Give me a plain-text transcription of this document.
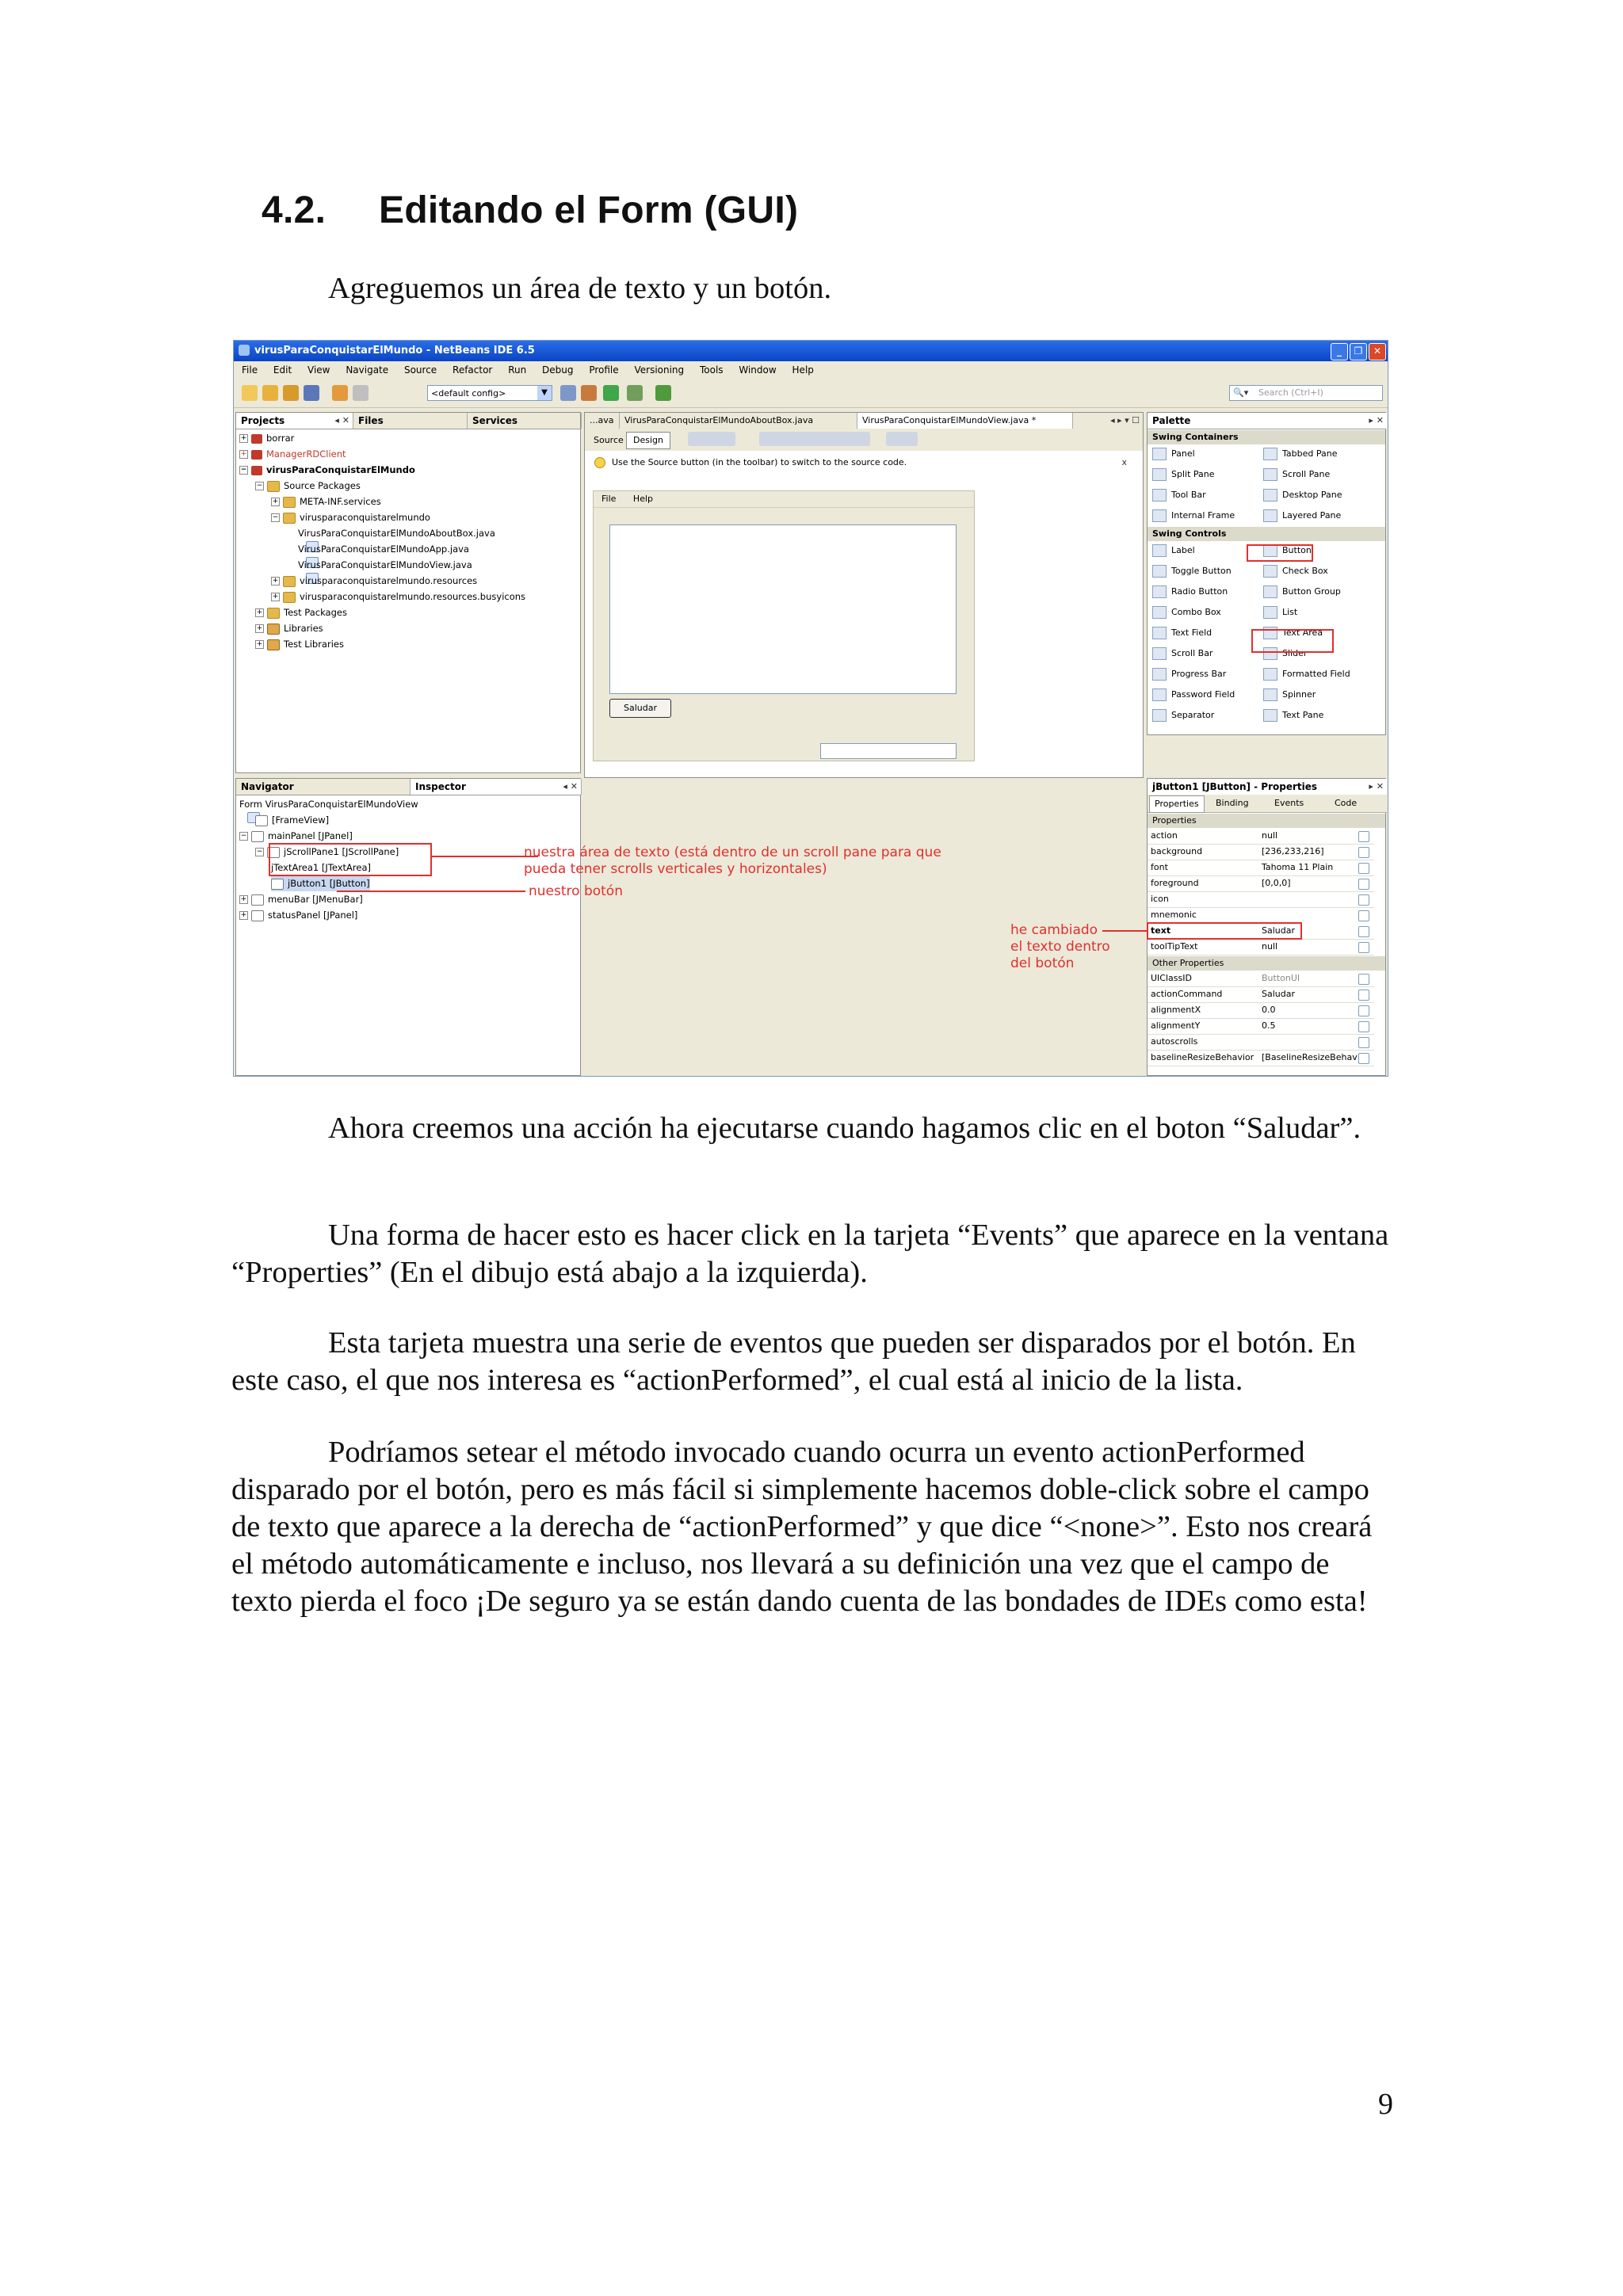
4.2. Editando el Form (GUI)
Agreguemos un área de texto y un botón.
virusParaConquistarElMundo - NetBeans IDE 6.5	_	❐	✕
File Edit View Navigate Source Refactor Run Debug Profile Versioning Tools Window Help
<default config>	▼	🔍▾ Search (Ctrl+I)
Projects	◂ ✕ Files	Services
+ borrar
+ ManagerRDClient
− virusParaConquistarElMundo
− Source Packages
+ META-INF.services
− virusparaconquistarelmundo
VirusParaConquistarElMundoAboutBox.java
VirusParaConquistarElMundoApp.java
VirusParaConquistarElMundoView.java
+ virusparaconquistarelmundo.resources
+ virusparaconquistarelmundo.resources.busyicons
+ Test Packages
+ Libraries
+ Test Libraries
Navigator	Inspector	◂ ✕
Form VirusParaConquistarElMundoView
[FrameView]
− mainPanel [JPanel]
− jScrollPane1 [JScrollPane]
jTextArea1 [JTextArea]
jButton1 [JButton]
+ menuBar [JMenuBar]
+ statusPanel [JPanel]
...ava	VirusParaConquistarElMundoAboutBox.java	VirusParaConquistarElMundoView.java *	◂ ▸ ▾ ☐
Source	Design
Use the Source button (in the toolbar) to switch to the source code.	x
File Help
Saludar
Palette	▸ ✕
Swing Containers
Panel	Tabbed Pane
Split Pane	Scroll Pane
Tool Bar	Desktop Pane
Internal Frame	Layered Pane
Swing Controls
Label	Button
Toggle Button	Check Box
Radio Button	Button Group
Combo Box	List
Text Field	Text Area
Scroll Bar	Slider
Progress Bar	Formatted Field
Password Field	Spinner
Separator	Text Pane
jButton1 [JButton] - Properties	▸ ✕
Properties	Binding	Events	Code
Properties
action	null
background	[236,233,216]
font	Tahoma 11 Plain
foreground	[0,0,0]
icon
mnemonic
text	Saludar
toolTipText	null
Other Properties
UIClassID	ButtonUI
actionCommand	Saludar
alignmentX	0.0
alignmentY	0.5
autoscrolls
baselineResizeBehavior [BaselineResizeBehav
nuestra área de texto (está dentro de un scroll pane para que
pueda tener scrolls verticales y horizontales)
nuestro botón
he cambiado
el texto dentro
del botón
Ahora creemos una acción ha ejecutarse cuando hagamos clic en el boton “Saludar”.
Una forma de hacer esto es hacer click en la tarjeta “Events” que aparece en la ventana “Properties” (En el dibujo está abajo a la izquierda).
Esta tarjeta muestra una serie de eventos que pueden ser disparados por el botón. En este caso, el que nos interesa es “actionPerformed”, el cual está al inicio de la lista.
Podríamos setear el método invocado cuando ocurra un evento actionPerformed disparado por el botón, pero es más fácil si simplemente hacemos doble-click sobre el campo de texto que aparece a la derecha de “actionPerformed” y que dice “<none>”. Esto nos creará el método automáticamente e incluso, nos llevará a su definición una vez que el campo de texto pierda el foco ¡De seguro ya se están dando cuenta de las bondades de IDEs como esta!
9
